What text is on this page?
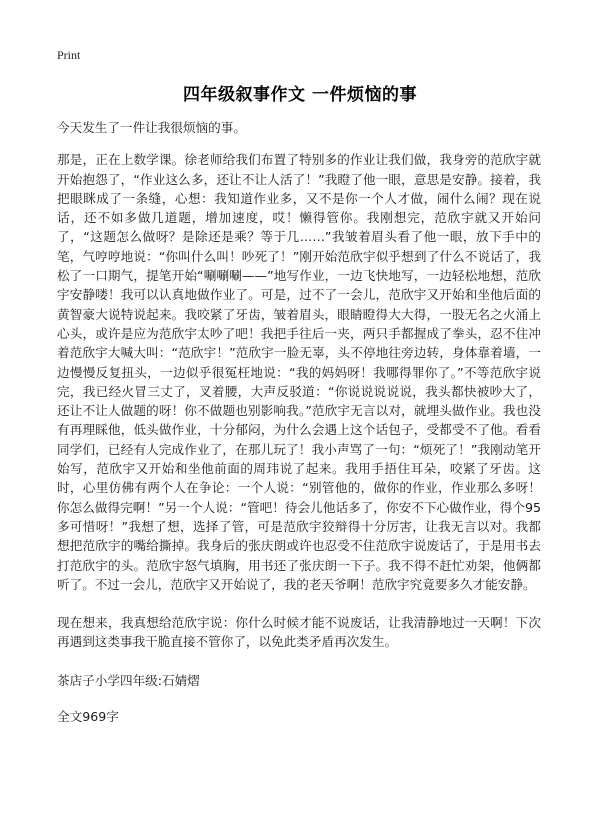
Print
四年级叙事作文 一件烦恼的事

今天发生了一件让我很烦恼的事。

那是，正在上数学课。徐老师给我们布置了特别多的作业让我们做，我身旁的范欣宇就开始抱怨了，“作业这么多，还让不让人活了！”我瞪了他一眼，意思是安静。接着，我把眼眯成了一条缝，心想：我知道作业多，又不是你一个人才做，闹什么闹？现在说话，还不如多做几道题，增加速度，哎！懒得管你。我刚想完，范欣宇就又开始问了，“这题怎么做呀？是除还是乘？等于几……”我皱着眉头看了他一眼，放下手中的笔，气哼哼地说：“你叫什么叫！吵死了！”刚开始范欣宇似乎想到了什么不说话了，我松了一口期气，提笔开始“唰唰唰——”地写作业，一边飞快地写，一边轻松地想，范欣宇安静喽！我可以认真地做作业了。可是，过不了一会儿，范欣宇又开始和坐他后面的黄智豪大说特说起来。我咬紧了牙齿，皱着眉头，眼睛瞪得大大得，一股无名之火涌上心头，或许是应为范欣宇太吵了吧！我把手往后一夹，两只手都握成了拳头，忍不住冲着范欣宇大喊大叫：“范欣宇！”范欣宇一脸无辜，头不停地往旁边转，身体靠着墙，一边慢慢反复扭头，一边似乎很冤枉地说：“我的妈妈呀！我哪得罪你了。”不等范欣宇说完，我已经火冒三丈了，叉着腰，大声反驳道：“你说说说说说，我头都快被吵大了，还让不让人做题的呀！你不做题也别影响我。”范欣宇无言以对，就埋头做作业。我也没有再理睬他，低头做作业，十分郁闷，为什么会遇上这个话包子，受都受不了他。看看同学们，已经有人完成作业了，在那儿玩了！我小声骂了一句：“烦死了！”我刚动笔开始写，范欣宇又开始和坐他前面的周玮说了起来。我用手捂住耳朵，咬紧了牙齿。这时，心里仿佛有两个人在争论：一个人说：“别管他的，做你的作业，作业那么多呀！你怎么做得完啊！”另一个人说：“管吧！待会儿他话多了，你安不下心做作业，得个95多可惜呀！”我想了想，选择了管，可是范欣宇狡辩得十分厉害，让我无言以对。我都想把范欣宇的嘴给撕掉。我身后的张庆朗或许也忍受不住范欣宇说废话了，于是用书去打范欣宇的头。范欣宇怒气填胸，用书还了张庆朗一下子。我不得不赶忙劝架，他俩都听了。不过一会儿，范欣宇又开始说了，我的老天爷啊！范欣宇究竟要多久才能安静。

现在想来，我真想给范欣宇说：你什么时候才能不说废话，让我清静地过一天啊！下次再遇到这类事我干脆直接不管你了，以免此类矛盾再次发生。

茶店子小学四年级:石婧熠
全文969字
